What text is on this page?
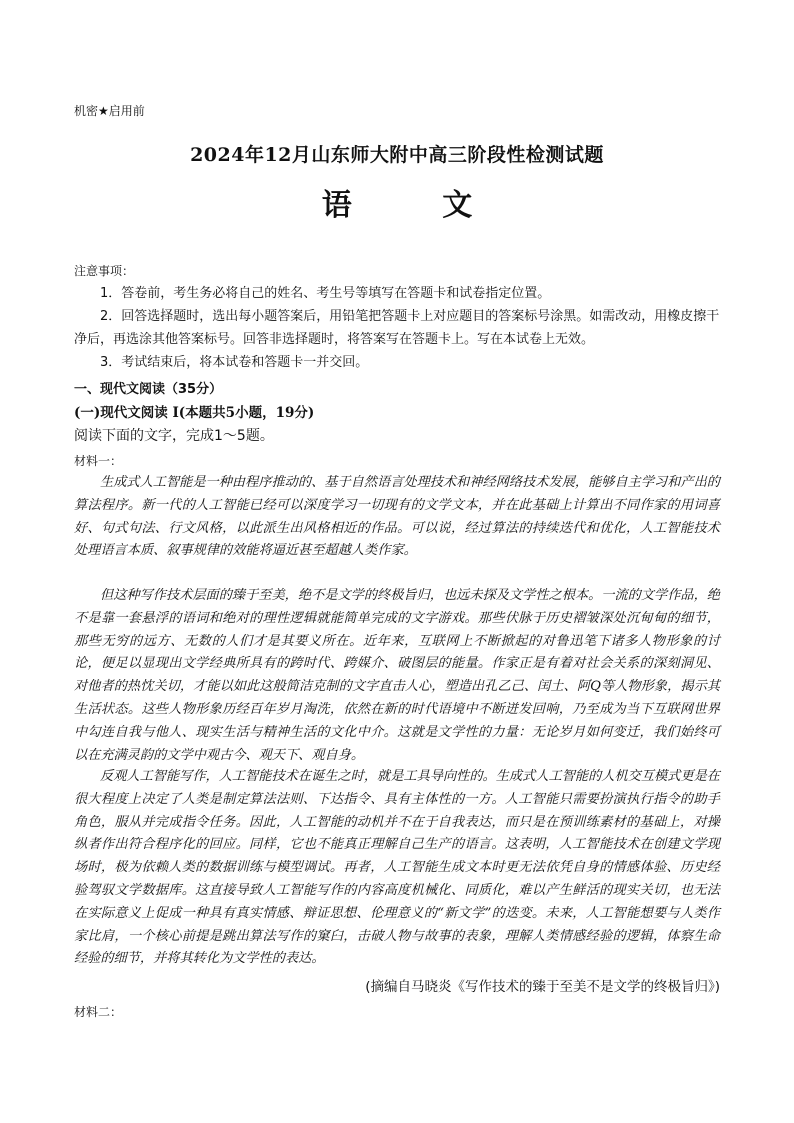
机密★启用前
2024年12月山东师大附中高三阶段性检测试题
语 文
注意事项：
1．答卷前，考生务必将自己的姓名、考生号等填写在答题卡和试卷指定位置。
2．回答选择题时，选出每小题答案后，用铅笔把答题卡上对应题目的答案标号涂黑。如需改动，用橡皮擦干净后，再选涂其他答案标号。回答非选择题时，将答案写在答题卡上。写在本试卷上无效。
3．考试结束后，将本试卷和答题卡一并交回。
一、现代文阅读（35分）
(一)现代文阅读 I(本题共5小题，19分)
阅读下面的文字，完成1～5题。
材料一：
生成式人工智能是一种由程序推动的、基于自然语言处理技术和神经网络技术发展，能够自主学习和产出的算法程序。新一代的人工智能已经可以深度学习一切现有的文学文本，并在此基础上计算出不同作家的用词喜好、句式句法、行文风格，以此派生出风格相近的作品。可以说，经过算法的持续迭代和优化，人工智能技术处理语言本质、叙事规律的效能将逼近甚至超越人类作家。
但这种写作技术层面的臻于至美，绝不是文学的终极旨归，也远未探及文学性之根本。一流的文学作品，绝不是靠一套悬浮的语词和绝对的理性逻辑就能简单完成的文字游戏。那些伏脉于历史褶皱深处沉甸甸的细节，那些无穷的远方、无数的人们才是其要义所在。近年来，互联网上不断掀起的对鲁迅笔下诸多人物形象的讨论，便足以显现出文学经典所具有的跨时代、跨媒介、破图层的能量。作家正是有着对社会关系的深刻洞见、对他者的热忱关切，才能以如此这般简洁克制的文字直击人心，塑造出孔乙己、闰土、阿Q等人物形象，揭示其生活状态。这些人物形象历经百年岁月淘洗，依然在新的时代语境中不断迸发回响，乃至成为当下互联网世界中勾连自我与他人、现实生活与精神生活的文化中介。这就是文学性的力量：无论岁月如何变迁，我们始终可以在充满灵韵的文学中观古今、观天下、观自身。
反观人工智能写作，人工智能技术在诞生之时，就是工具导向性的。生成式人工智能的人机交互模式更是在很大程度上决定了人类是制定算法法则、下达指令、具有主体性的一方。人工智能只需要扮演执行指令的助手角色，服从并完成指令任务。因此，人工智能的动机并不在于自我表达，而只是在预训练素材的基础上，对操纵者作出符合程序化的回应。同样，它也不能真正理解自己生产的语言。这表明，人工智能技术在创建文学现场时，极为依赖人类的数据训练与模型调试。再者，人工智能生成文本时更无法依凭自身的情感体验、历史经验驾驭文学数据库。这直接导致人工智能写作的内容高度机械化、同质化，难以产生鲜活的现实关切，也无法在实际意义上促成一种具有真实情感、辩证思想、伦理意义的“新文学”的迭变。未来，人工智能想要与人类作家比肩，一个核心前提是跳出算法写作的窠臼，击破人物与故事的表象，理解人类情感经验的逻辑，体察生命经验的细节，并将其转化为文学性的表达。
(摘编自马晓炎《写作技术的臻于至美不是文学的终极旨归》)
材料二：
